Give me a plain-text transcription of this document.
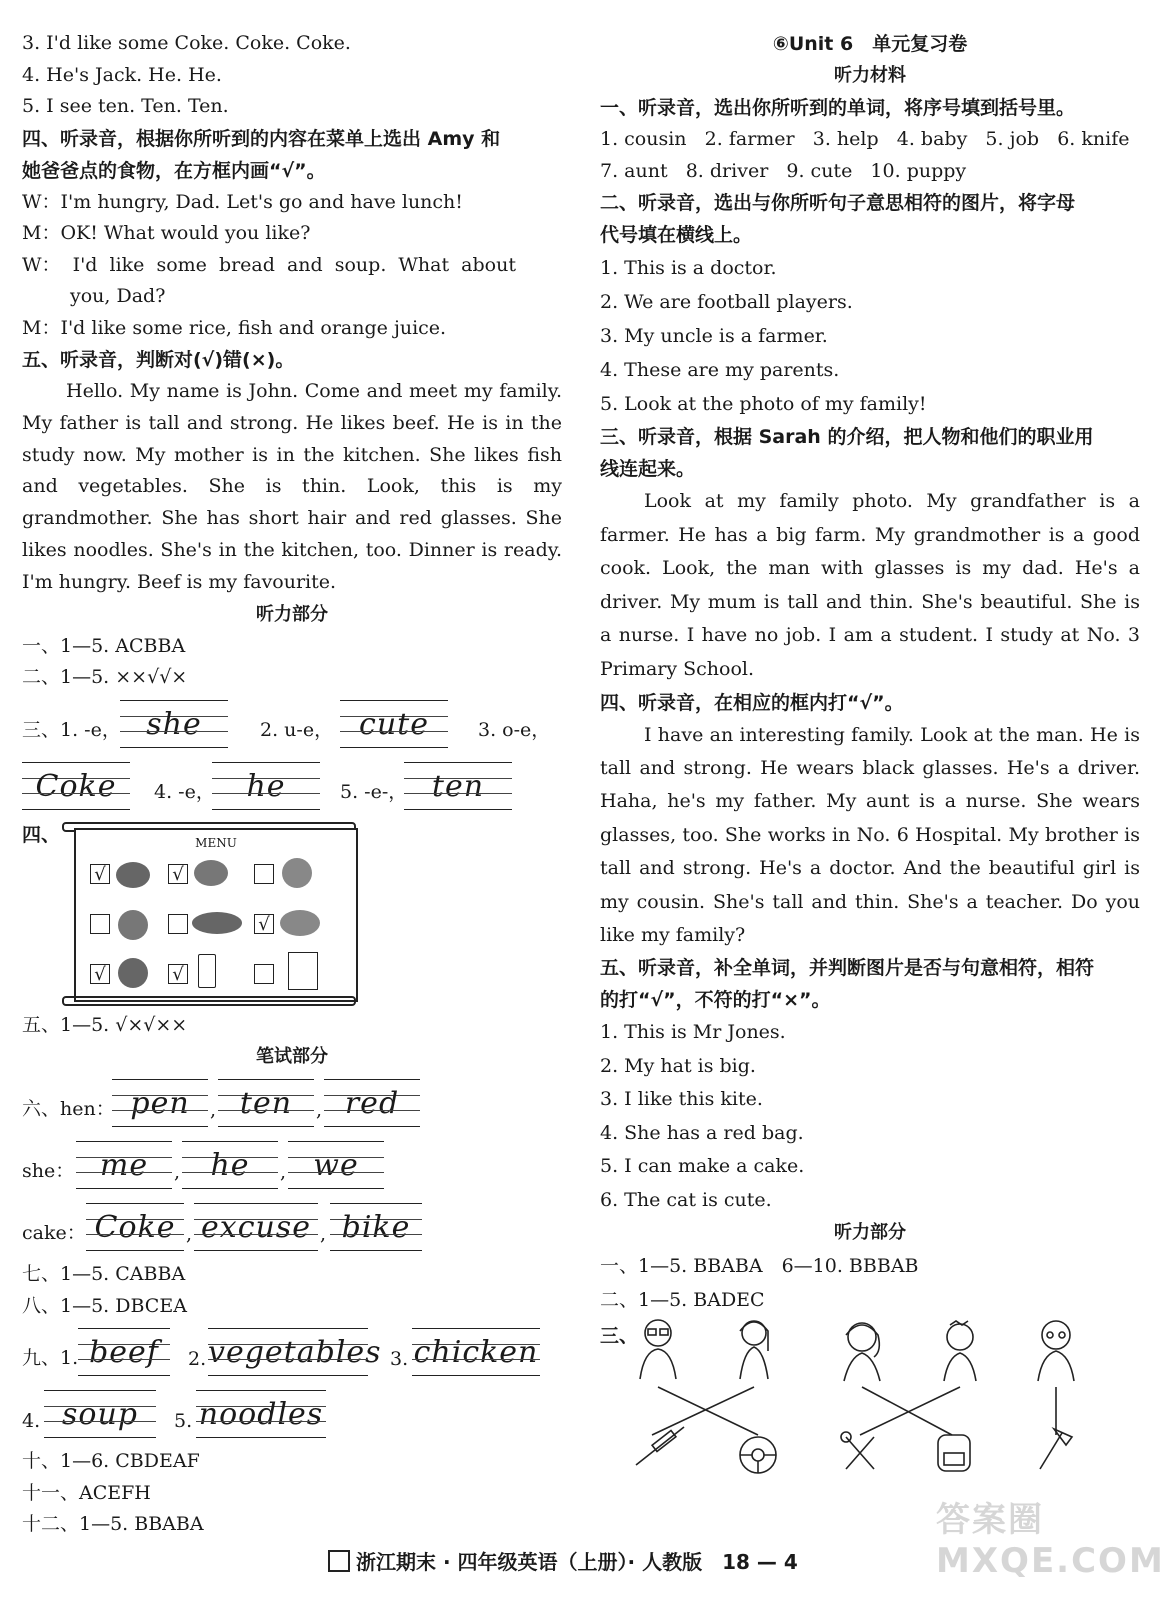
3. I'd like some Coke. Coke. Coke.
4. He's Jack. He. He.
5. I see ten. Ten. Ten.
四、听录音，根据你所听到的内容在菜单上选出 Amy 和
她爸爸点的食物，在方框内画“√”。
W：I'm hungry, Dad. Let's go and have lunch!
M：OK! What would you like?
W： I'd like some bread and soup. What about
you, Dad?
M：I'd like some rice, fish and orange juice.
五、听录音，判断对(√)错(×)。
Hello. My name is John. Come and meet my family. My father is tall and strong. He likes beef. He is in the study now. My mother is in the kitchen. She likes fish and vegetables. She is thin. Look, this is my grandmother. She has short hair and red glasses. She likes noodles. She's in the kitchen, too. Dinner is ready. I'm hungry. Beef is my favourite.
听力部分
一、1—5. ACBBA
二、1—5. ××√√×
三、1. -e， she	2. u-e， cute	3. o-e，
Coke	4. -e，	he	5. -e-， ten
四、	MENU
√	√
√
√	√
五、1—5. √×√××
笔试部分
六、hen： pen	, ten	, red
she： me	,	he	, we
cake： Coke , excuse , bike
七、1—5. CABBA
八、1—5. DBCEA
九、1. beef	2. vegetables 3. chicken
4. soup	5. noodles
十、1—6. CBDEAF
十一、ACEFH
十二、1—5. BBABA
⑥Unit 6　单元复习卷
听力材料
一、听录音，选出你所听到的单词，将序号填到括号里。
1. cousin   2. farmer   3. help   4. baby   5. job   6. knife
7. aunt   8. driver   9. cute   10. puppy
二、听录音，选出与你所听句子意思相符的图片，将字母
代号填在横线上。
1. This is a doctor.
2. We are football players.
3. My uncle is a farmer.
4. These are my parents.
5. Look at the photo of my family!
三、听录音，根据 Sarah 的介绍，把人物和他们的职业用
线连起来。
Look at my family photo. My grandfather is a farmer. He has a big farm. My grandmother is a good cook. Look, the man with glasses is my dad. He's a driver. My mum is tall and thin. She's beautiful. She is a nurse. I have no job. I am a student. I study at No. 3 Primary School.
四、听录音，在相应的框内打“√”。
I have an interesting family. Look at the man. He is tall and strong. He wears black glasses. He's a driver. Haha, he's my father. My aunt is a nurse. She wears glasses, too. She works in No. 6 Hospital. My brother is tall and strong. He's a doctor. And the beautiful girl is my cousin. She's tall and thin. She's a teacher. Do you like my family?
五、听录音，补全单词，并判断图片是否与句意相符，相符
的打“√”，不符的打“×”。
1. This is Mr Jones.
2. My hat is big.
3. I like this kite.
4. She has a red bag.
5. I can make a cake.
6. The cat is cute.
听力部分
一、1—5. BBABA　6—10. BBBAB
二、1—5. BADEC
三、
浙江期末 · 四年级英语（上册）· 人教版　18 — 4
答案圈 MXQE.COM
